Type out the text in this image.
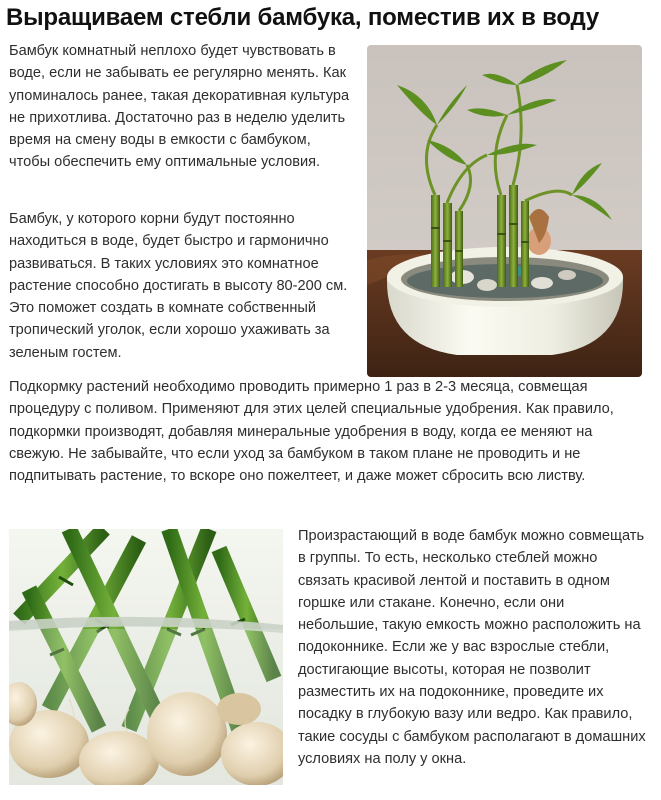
Выращиваем стебли бамбука, поместив их в воду

Бамбук комнатный неплохо будет чувствовать в воде, если не забывать ее регулярно менять. Как упоминалось ранее, такая декоративная культура не прихотлива. Достаточно раз в неделю уделить время на смену воды в емкости с бамбуком, чтобы обеспечить ему оптимальные условия.

Бамбук, у которого корни будут постоянно находиться в воде, будет быстро и гармонично развиваться. В таких условиях это комнатное растение способно достигать в высоту 80-200 см. Это поможет создать в комнате собственный тропический уголок, если хорошо ухаживать за зеленым гостем.

Подкормку растений необходимо проводить примерно 1 раз в 2-3 месяца, совмещая процедуру с поливом. Применяют для этих целей специальные удобрения. Как правило, подкормки производят, добавляя минеральные удобрения в воду, когда ее меняют на свежую. Не забывайте, что если уход за бамбуком в таком плане не проводить и не подпитывать растение, то вскоре оно пожелтеет, и даже может сбросить всю листву.

Произрастающий в воде бамбук можно совмещать в группы. То есть, несколько стеблей можно связать красивой лентой и поставить в одном горшке или стакане. Конечно, если они небольшие, такую емкость можно расположить на подоконнике. Если же у вас взрослые стебли, достигающие высоты, которая не позволит разместить их на подоконнике, проведите их посадку в глубокую вазу или ведро. Как правило, такие сосуды с бамбуком располагают в домашних условиях на полу у окна.
